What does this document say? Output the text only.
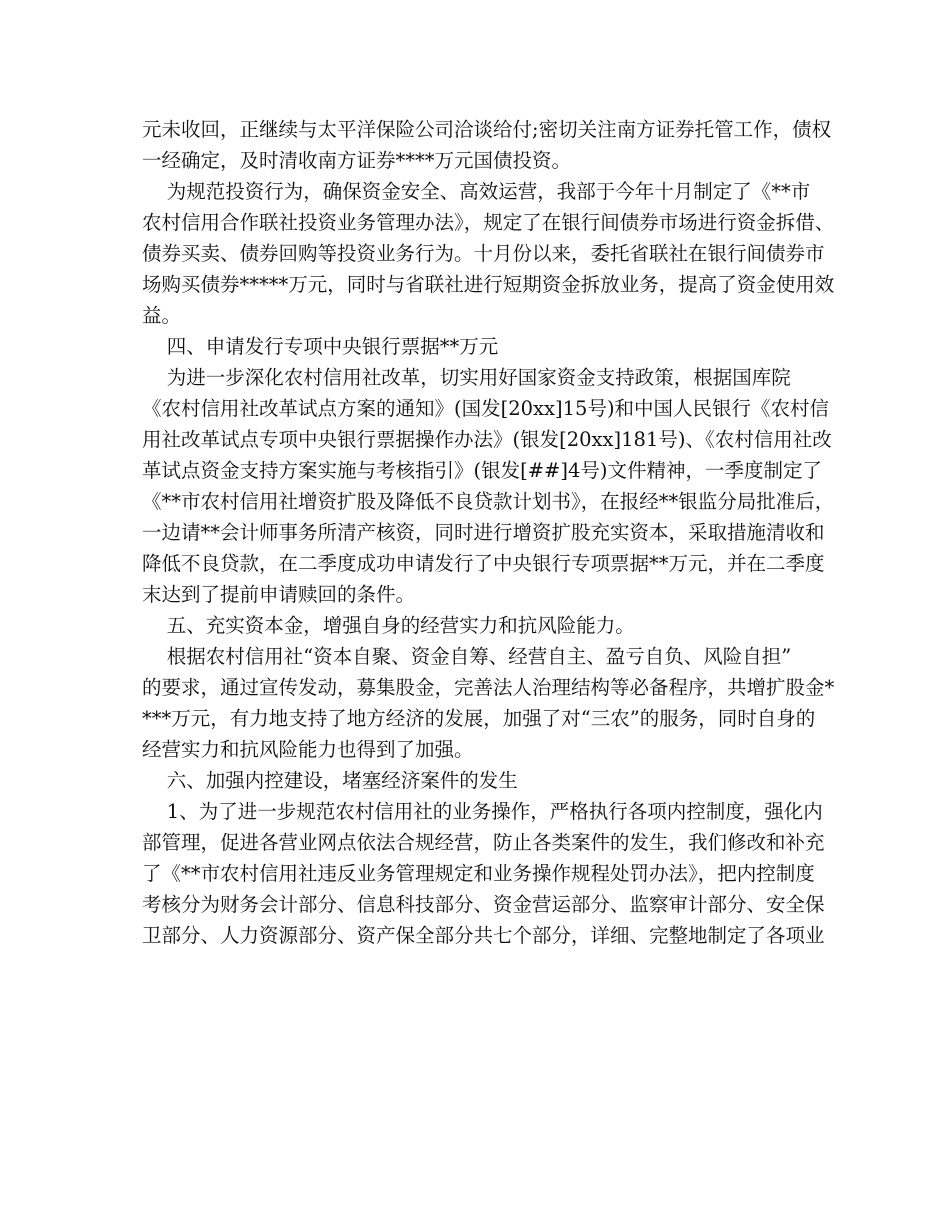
元未收回，正继续与太平洋保险公司洽谈给付;密切关注南方证券托管工作，债权

一经确定，及时清收南方证券****万元国债投资。

为规范投资行为，确保资金安全、高效运营，我部于今年十月制定了《**市

农村信用合作联社投资业务管理办法》，规定了在银行间债券市场进行资金拆借、

债券买卖、债券回购等投资业务行为。十月份以来，委托省联社在银行间债券市

场购买债券*****万元，同时与省联社进行短期资金拆放业务，提高了资金使用效

益。

四、申请发行专项中央银行票据**万元

为进一步深化农村信用社改革，切实用好国家资金支持政策，根据国库院

《农村信用社改革试点方案的通知》(国发[20xx]15号)和中国人民银行《农村信

用社改革试点专项中央银行票据操作办法》(银发[20xx]181号)、《农村信用社改

革试点资金支持方案实施与考核指引》(银发[##]4号)文件精神，一季度制定了

《**市农村信用社增资扩股及降低不良贷款计划书》，在报经**银监分局批准后，

一边请**会计师事务所清产核资，同时进行增资扩股充实资本，采取措施清收和

降低不良贷款，在二季度成功申请发行了中央银行专项票据**万元，并在二季度

末达到了提前申请赎回的条件。

五、充实资本金，增强自身的经营实力和抗风险能力。

根据农村信用社“资本自聚、资金自筹、经营自主、盈亏自负、风险自担”

的要求，通过宣传发动，募集股金，完善法人治理结构等必备程序，共增扩股金*

***万元，有力地支持了地方经济的发展，加强了对“三农”的服务，同时自身的

经营实力和抗风险能力也得到了加强。

六、加强内控建设，堵塞经济案件的发生

1、为了进一步规范农村信用社的业务操作，严格执行各项内控制度，强化内

部管理，促进各营业网点依法合规经营，防止各类案件的发生，我们修改和补充

了《**市农村信用社违反业务管理规定和业务操作规程处罚办法》，把内控制度

考核分为财务会计部分、信息科技部分、资金营运部分、监察审计部分、安全保

卫部分、人力资源部分、资产保全部分共七个部分，详细、完整地制定了各项业
